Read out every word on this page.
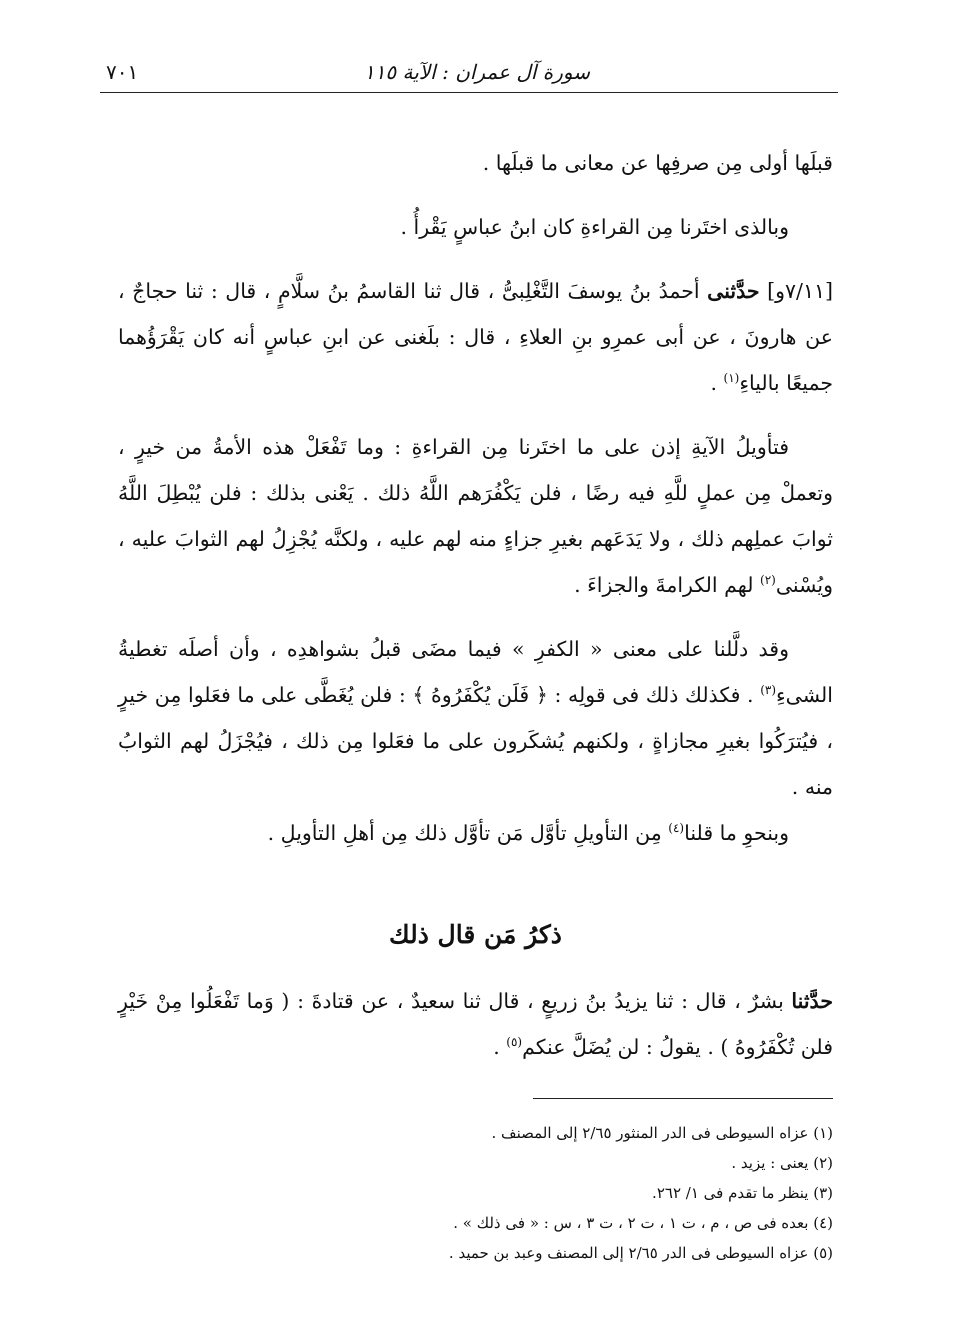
سورة آل عمران : الآية ١١٥
٧٠١

قبلَها أولى مِن صرفِها عن معانى ما قبلَها .

وبالذى اختَرنا مِن القراءةِ كان ابنُ عباسٍ يَقْرأُ .

[٧/١١و] حدَّثنى أحمدُ بنُ يوسفَ التَّغْلِبىُّ ، قال ثنا القاسمُ بنُ سلَّامٍ ، قال : ثنا حجاجٌ ، عن هارونَ ، عن أبى عمرِو بنِ العلاءِ ، قال : بلَغنى عن ابنِ عباسٍ أنه كان يَقْرَؤُهما جميعًا بالياءِ$^{(١)}$ .

فتأويلُ الآيةِ إذن على ما اختَرنا مِن القراءةِ : وما تَفْعَلْ هذه الأمةُ من خيرٍ ، وتعملْ مِن عملٍ للَّهِ فيه رضًا ، فلن يَكْفُرَهم اللَّهُ ذلك . يَعْنى بذلك : فلن يُبْطِلَ اللَّهُ ثوابَ عملِهم ذلك ، ولا يَدَعَهم بغيرِ جزاءٍ منه لهم عليه ، ولكنَّه يُجْزِلُ لهم الثوابَ عليه ، ويُسْنى$^{(٢)}$ لهم الكرامةَ والجزاءَ .

وقد دلَّلنا على معنى « الكفرِ » فيما مضَى قبلُ بشواهدِه ، وأن أصلَه تغطيةُ الشىءِ$^{(٣)}$ . فكذلك ذلك فى قولِه : ﴿ فَلَن يُكْفَرُوهُ ﴾ : فلن يُغَطَّى على ما فعَلوا مِن خيرٍ ، فيُترَكُوا بغيرِ مجازاةٍ ، ولكنهم يُشكَرون على ما فعَلوا مِن ذلك ، فيُجْزَلُ لهم الثوابُ منه .

وبنحوِ ما قلنا$^{(٤)}$ مِن التأويلِ تأوَّل مَن تأوَّل ذلك مِن أهلِ التأويلِ .

ذكرُ مَن قال ذلك

حدَّثنا بشرٌ ، قال : ثنا يزيدُ بنُ زريعٍ ، قال ثنا سعيدٌ ، عن قتادةَ : ( وَما تَفْعَلُوا مِنْ خَيْرٍ فلن تُكْفَرُوهُ ) . يقولُ : لن يُضَلَّ عنكم$^{(٥)}$ .

(١) عزاه السيوطى فى الدر المنثور ٢/٦٥ إلى المصنف .
(٢) يعنى : يزيد .
(٣) ينظر ما تقدم فى ١/ ٢٦٢.
(٤) بعده فى ص ، م ، ت ١ ، ت ٢ ، ت ٣ ، س : « فى ذلك » .
(٥) عزاه السيوطى فى الدر ٢/٦٥ إلى المصنف وعبد بن حميد .
